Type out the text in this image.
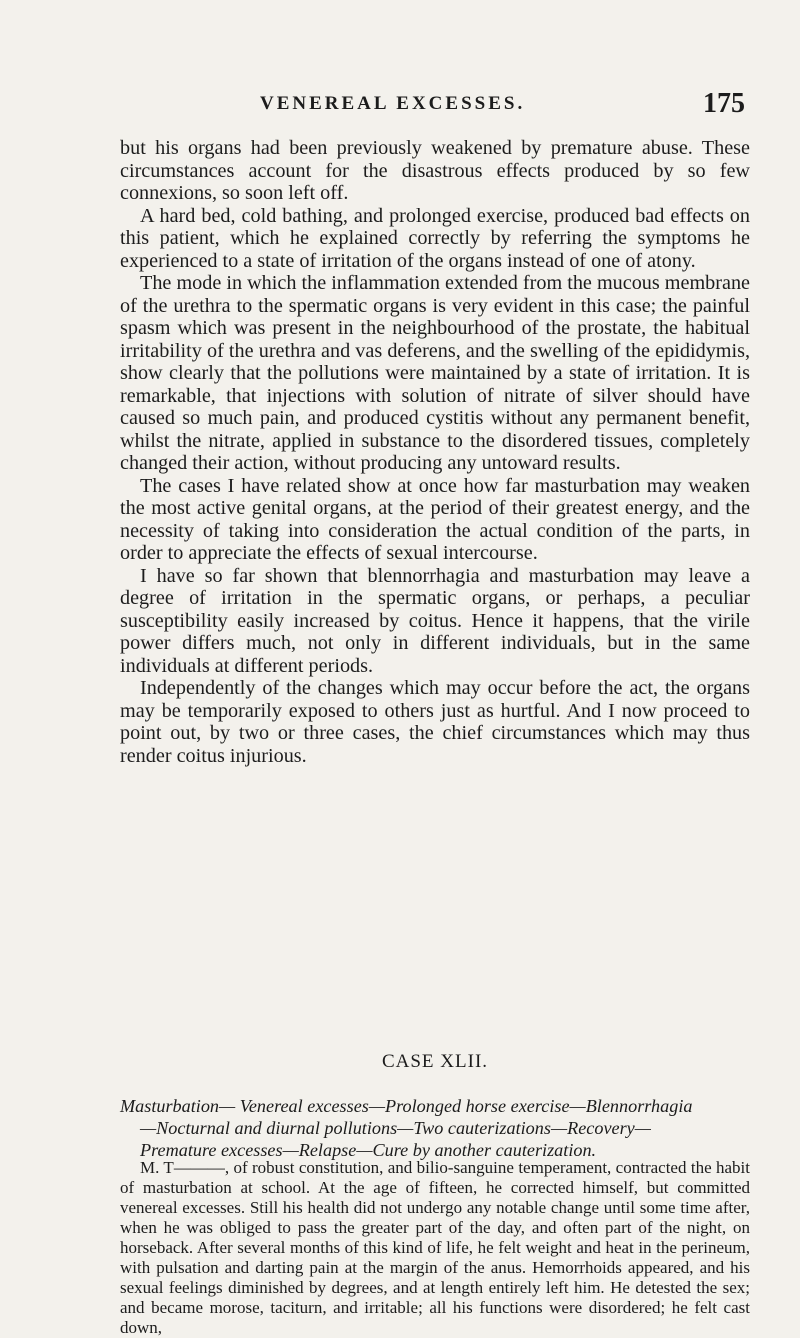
VENEREAL EXCESSES.	175

but his organs had been previously weakened by premature abuse. These circumstances account for the disastrous effects produced by so few connexions, so soon left off.

A hard bed, cold bathing, and prolonged exercise, produced bad effects on this patient, which he explained correctly by referring the symptoms he experienced to a state of irritation of the organs instead of one of atony.

The mode in which the inflammation extended from the mucous membrane of the urethra to the spermatic organs is very evident in this case; the painful spasm which was present in the neighbourhood of the prostate, the habitual irritability of the urethra and vas deferens, and the swelling of the epididymis, show clearly that the pollutions were maintained by a state of irritation. It is remarkable, that injections with solution of nitrate of silver should have caused so much pain, and produced cystitis without any permanent benefit, whilst the nitrate, applied in substance to the disordered tissues, completely changed their action, without producing any untoward results.

The cases I have related show at once how far masturbation may weaken the most active genital organs, at the period of their greatest energy, and the necessity of taking into consideration the actual condition of the parts, in order to appreciate the effects of sexual intercourse.

I have so far shown that blennorrhagia and masturbation may leave a degree of irritation in the spermatic organs, or perhaps, a peculiar susceptibility easily increased by coitus. Hence it happens, that the virile power differs much, not only in different individuals, but in the same individuals at different periods.

Independently of the changes which may occur before the act, the organs may be temporarily exposed to others just as hurtful. And I now proceed to point out, by two or three cases, the chief circumstances which may thus render coitus injurious.

CASE XLII.
Masturbation— Venereal excesses—Prolonged horse exercise—Blennorrhagia
—Nocturnal and diurnal pollutions—Two cauterizations—Recovery—
Premature excesses—Relapse—Cure by another cauterization.

M. T———, of robust constitution, and bilio-sanguine temperament, contracted the habit of masturbation at school. At the age of fifteen, he corrected himself, but committed venereal excesses. Still his health did not undergo any notable change until some time after, when he was obliged to pass the greater part of the day, and often part of the night, on horseback. After several months of this kind of life, he felt weight and heat in the perineum, with pulsation and darting pain at the margin of the anus. Hemorrhoids appeared, and his sexual feelings diminished by degrees, and at length entirely left him. He detested the sex; and became morose, taciturn, and irritable; all his functions were disordered; he felt cast down,
